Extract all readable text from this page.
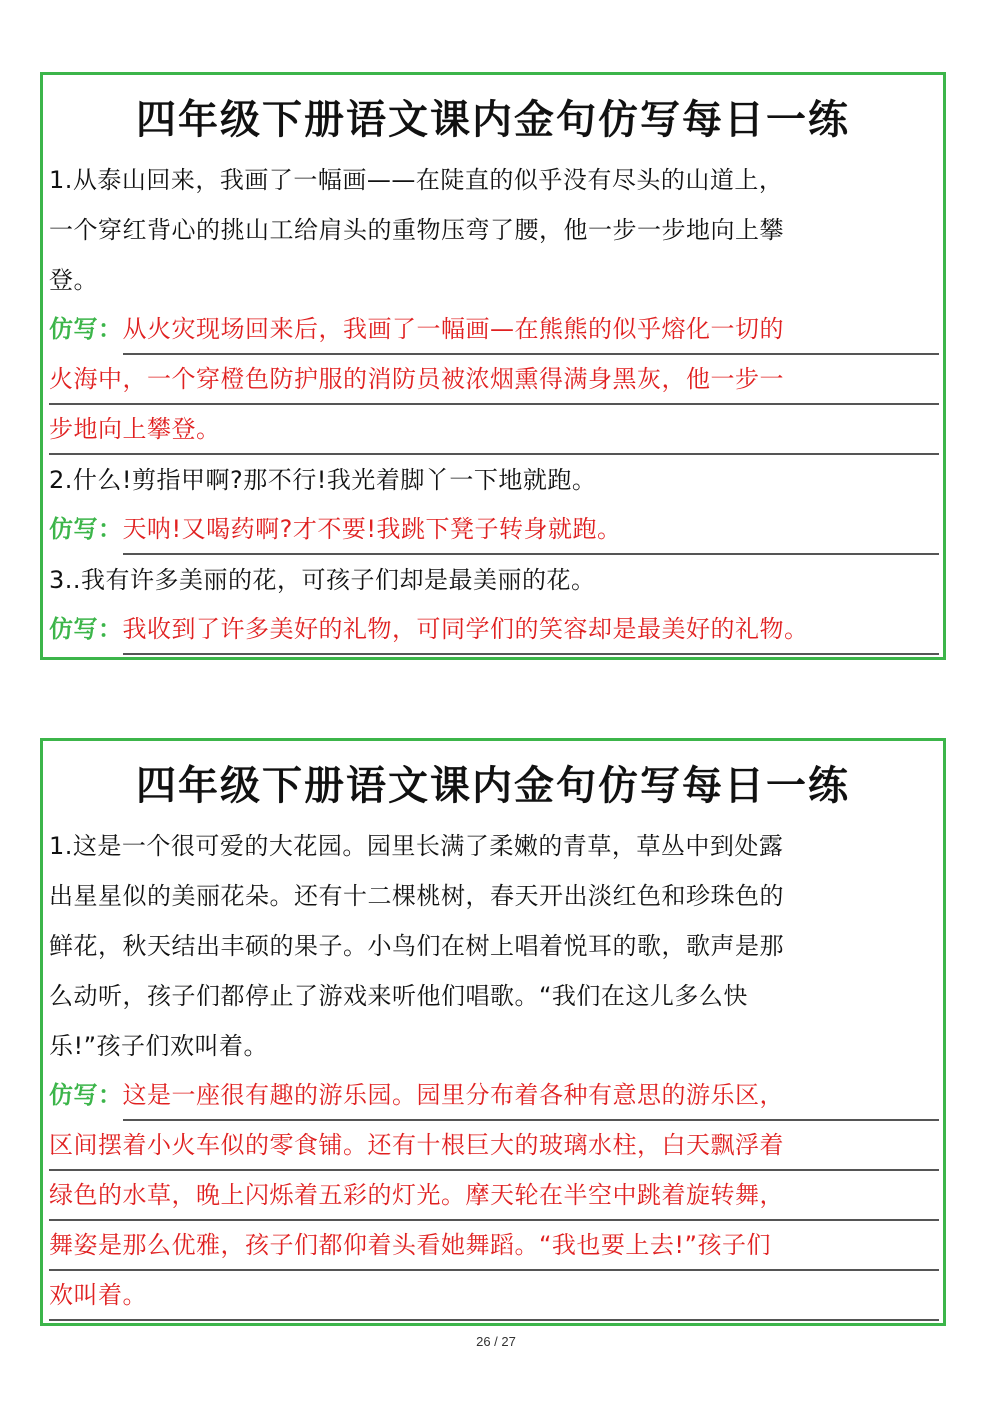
四年级下册语文课内金句仿写每日一练
1.从泰山回来，我画了一幅画——在陡直的似乎没有尽头的山道上，
一个穿红背心的挑山工给肩头的重物压弯了腰，他一步一步地向上攀
登。
仿写： 从火灾现场回来后，我画了一幅画—在熊熊的似乎熔化一切的
火海中，一个穿橙色防护服的消防员被浓烟熏得满身黑灰，他一步一
步地向上攀登。
2.什么!剪指甲啊?那不行!我光着脚丫一下地就跑。
仿写： 天呐!又喝药啊?才不要!我跳下凳子转身就跑。
3..我有许多美丽的花，可孩子们却是最美丽的花。
仿写： 我收到了许多美好的礼物，可同学们的笑容却是最美好的礼物。
四年级下册语文课内金句仿写每日一练
1.这是一个很可爱的大花园。园里长满了柔嫩的青草，草丛中到处露
出星星似的美丽花朵。还有十二棵桃树，春天开出淡红色和珍珠色的
鲜花，秋天结出丰硕的果子。小鸟们在树上唱着悦耳的歌，歌声是那
么动听，孩子们都停止了游戏来听他们唱歌。“我们在这儿多么快
乐!”孩子们欢叫着。
仿写： 这是一座很有趣的游乐园。园里分布着各种有意思的游乐区，
区间摆着小火车似的零食铺。还有十根巨大的玻璃水柱，白天飘浮着
绿色的水草，晚上闪烁着五彩的灯光。摩天轮在半空中跳着旋转舞，
舞姿是那么优雅，孩子们都仰着头看她舞蹈。“我也要上去!”孩子们
欢叫着。
26 / 27
